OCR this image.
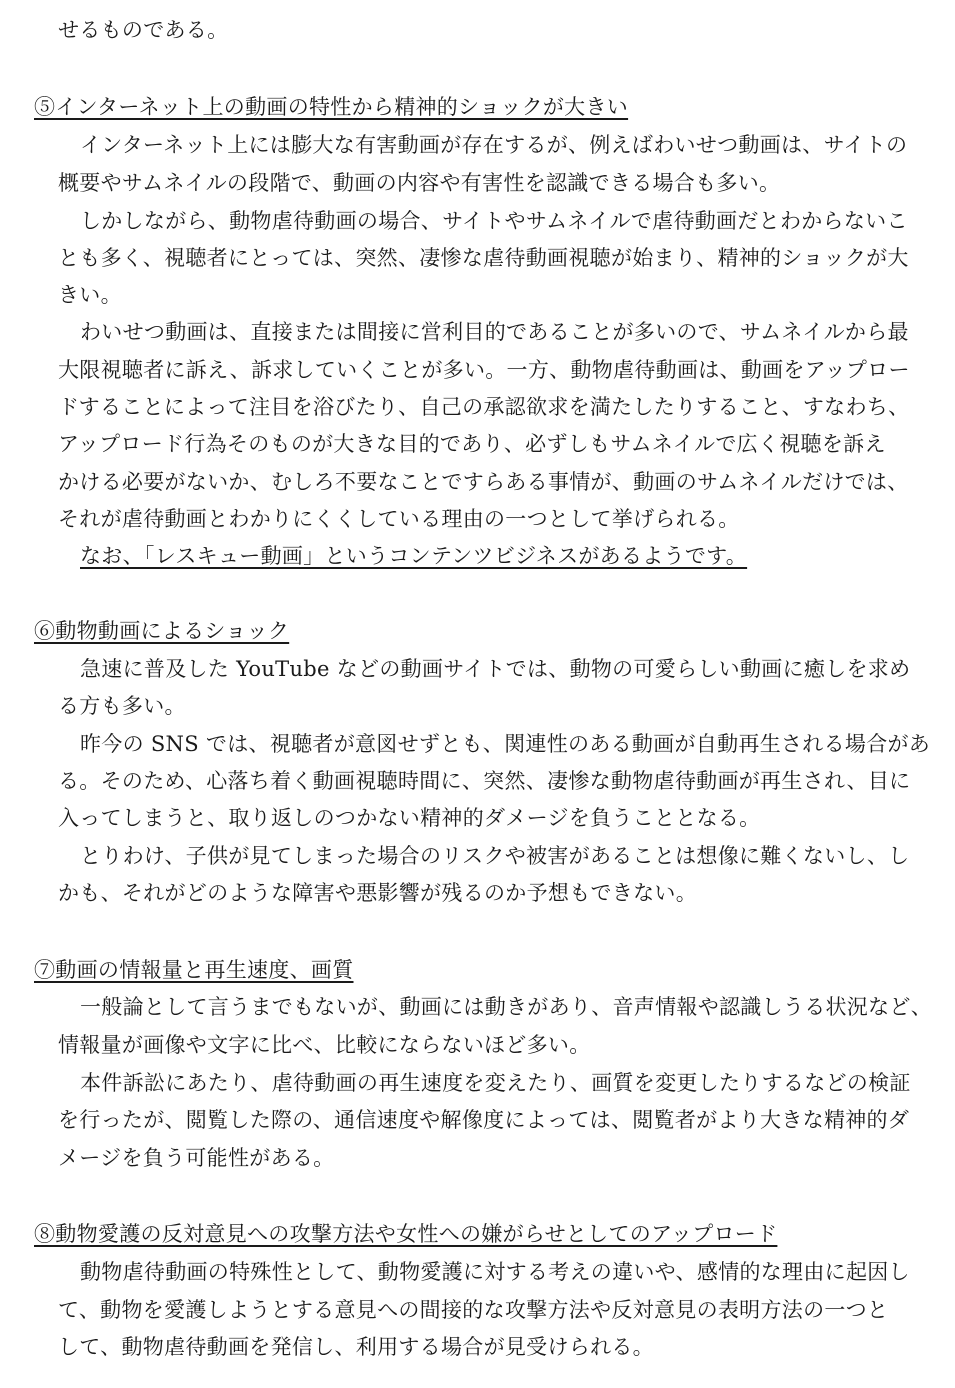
せるものである。
⑤インターネット上の動画の特性から精神的ショックが大きい
インターネット上には膨大な有害動画が存在するが、例えばわいせつ動画は、サイトの
概要やサムネイルの段階で、動画の内容や有害性を認識できる場合も多い。
しかしながら、動物虐待動画の場合、サイトやサムネイルで虐待動画だとわからないこ
とも多く、視聴者にとっては、突然、凄惨な虐待動画視聴が始まり、精神的ショックが大
きい。
わいせつ動画は、直接または間接に営利目的であることが多いので、サムネイルから最
大限視聴者に訴え、訴求していくことが多い。一方、動物虐待動画は、動画をアップロー
ドすることによって注目を浴びたり、自己の承認欲求を満たしたりすること、すなわち、
アップロード行為そのものが大きな目的であり、必ずしもサムネイルで広く視聴を訴え
かける必要がないか、むしろ不要なことですらある事情が、動画のサムネイルだけでは、
それが虐待動画とわかりにくくしている理由の一つとして挙げられる。
なお、「レスキュー動画」というコンテンツビジネスがあるようです。
⑥動物動画によるショック
急速に普及した YouTube などの動画サイトでは、動物の可愛らしい動画に癒しを求め
る方も多い。
昨今の SNS では、視聴者が意図せずとも、関連性のある動画が自動再生される場合があ
る。そのため、心落ち着く動画視聴時間に、突然、凄惨な動物虐待動画が再生され、目に
入ってしまうと、取り返しのつかない精神的ダメージを負うこととなる。
とりわけ、子供が見てしまった場合のリスクや被害があることは想像に難くないし、し
かも、それがどのような障害や悪影響が残るのか予想もできない。
⑦動画の情報量と再生速度、画質
一般論として言うまでもないが、動画には動きがあり、音声情報や認識しうる状況など、
情報量が画像や文字に比べ、比較にならないほど多い。
本件訴訟にあたり、虐待動画の再生速度を変えたり、画質を変更したりするなどの検証
を行ったが、閲覧した際の、通信速度や解像度によっては、閲覧者がより大きな精神的ダ
メージを負う可能性がある。
⑧動物愛護の反対意見への攻撃方法や女性への嫌がらせとしてのアップロード
動物虐待動画の特殊性として、動物愛護に対する考えの違いや、感情的な理由に起因し
て、動物を愛護しようとする意見への間接的な攻撃方法や反対意見の表明方法の一つと
して、動物虐待動画を発信し、利用する場合が見受けられる。
